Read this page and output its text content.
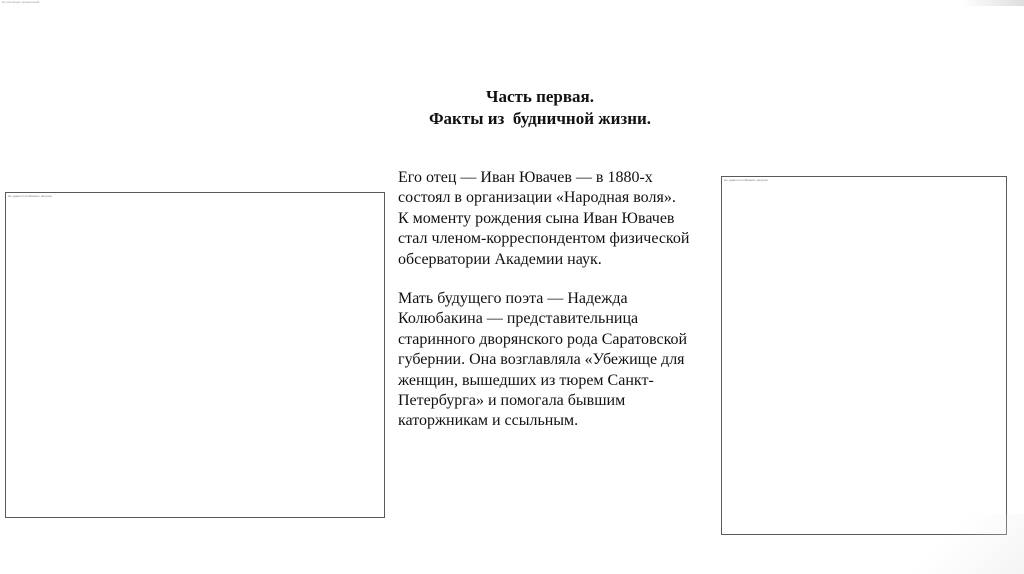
Из коллекции презентаций
Часть первая.
Факты из  будничной жизни.

Его отец — Иван Ювачев — в 1880-х
состоял в организации «Народная воля».
К моменту рождения сына Иван Ювачев
стал членом-корреспондентом физической
обсерватории Академии наук.

Мать будущего поэта — Надежда
Колюбакина — представительница
старинного дворянского рода Саратовской
губернии. Она возглавляла «Убежище для
женщин, вышедших из тюрем Санкт-
Петербурга» и помогала бывшим
каторжникам и ссыльным.

Не удается отобразить рисунок
Не удается отобразить рисунок
